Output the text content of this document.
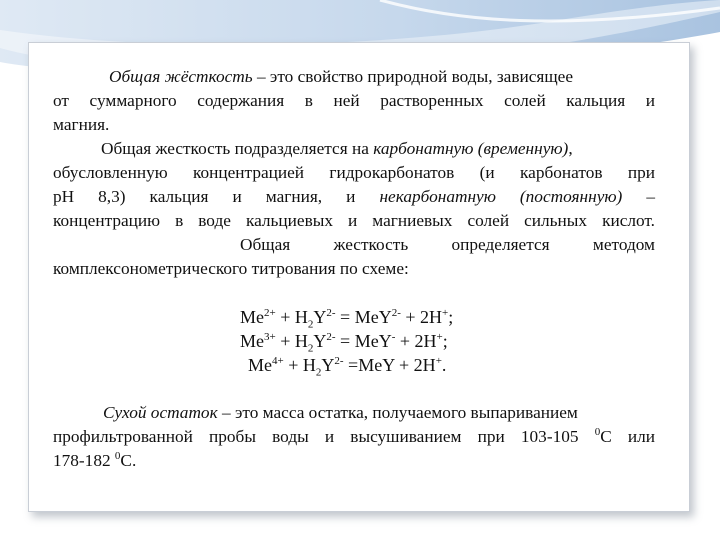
Общая жёсткость – это свойство природной воды, зависящее
от суммарного содержания в ней растворенных солей кальция и
магния.
Общая жесткость подразделяется на карбонатную (временную),
обусловленную концентрацией гидрокарбонатов (и карбонатов при
pH 8,3) кальция и магния, и некарбонатную (постоянную) –
концентрацию в воде кальциевых и магниевых солей сильных кислот.
Общая жесткость определяется методом
комплексонометрического титрования по схеме:
$Me^{2+} + H_2Y^{2-} = MeY^{2-} + 2H^+$;
$Me^{3+} + H_2Y^{2-} = MeY^- + 2H^+$;
$Me^{4+} + H_2Y^{2-} =MeY + 2H^+$.
Сухой остаток – это масса остатка, получаемого выпариванием
профильтрованной пробы воды и высушиванием при 103-105 $^0$С или
178-182 $^0$С.
